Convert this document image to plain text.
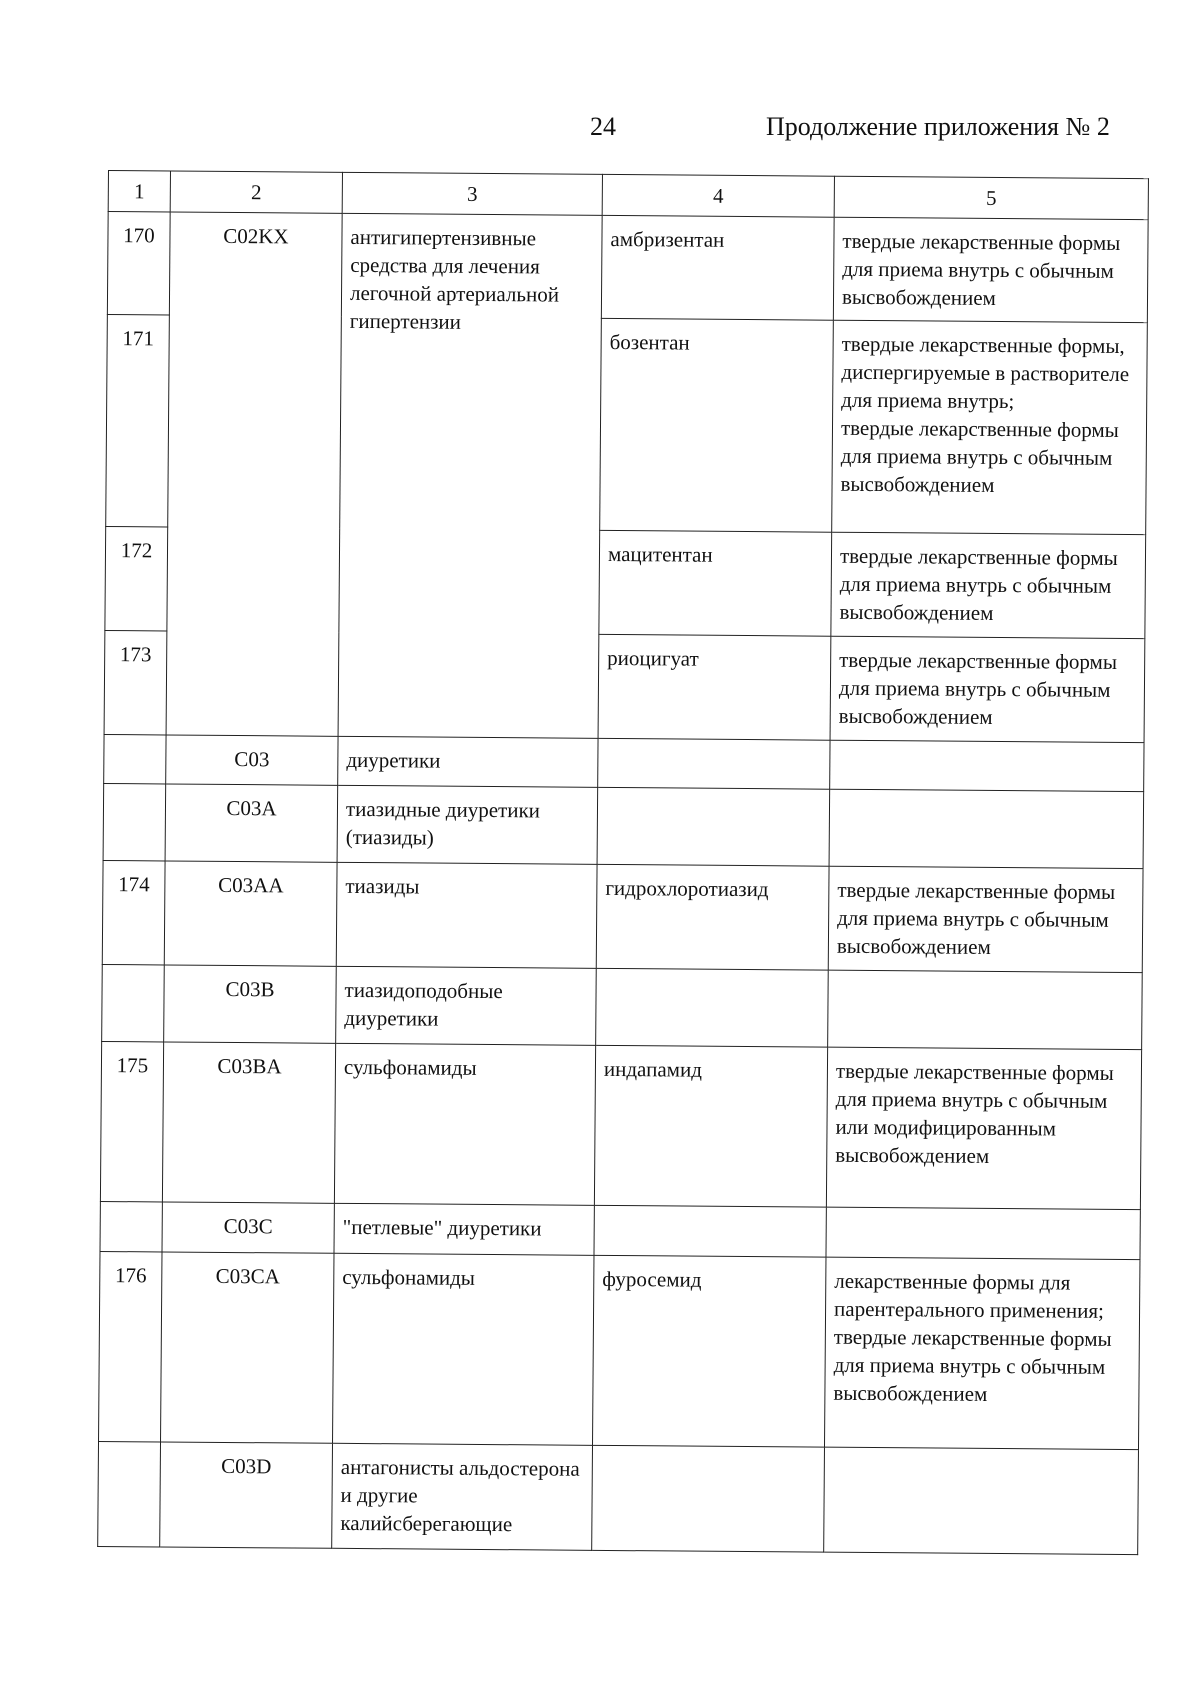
24	Продолжение приложения № 2
1	2	3	4	5
170	C02KX	антигипертензивные средства для лечения легочной артериальной гипертензии	амбризентан	твердые лекарственные формы для приема внутрь с обычным высвобождением
171			бозентан	твердые лекарственные формы, диспергируемые в растворителе для приема внутрь;
твердые лекарственные формы для приема внутрь с обычным высвобождением
172			мацитентан	твердые лекарственные формы для приема внутрь с обычным высвобождением
173			риоцигуат	твердые лекарственные формы для приема внутрь с обычным высвобождением
	C03	диуретики		
	C03A	тиазидные диуретики (тиазиды)		
174	C03AA	тиазиды	гидрохлоротиазид	твердые лекарственные формы для приема внутрь с обычным высвобождением
	C03B	тиазидоподобные диуретики		
175	C03BA	сульфонамиды	индапамид	твердые лекарственные формы для приема внутрь с обычным или модифицированным высвобождением
	C03C	"петлевые" диуретики		
176	C03CA	сульфонамиды	фуросемид	лекарственные формы для парентерального применения;
твердые лекарственные формы для приема внутрь с обычным высвобождением
	C03D	антагонисты альдостерона и другие калийсберегающие		
